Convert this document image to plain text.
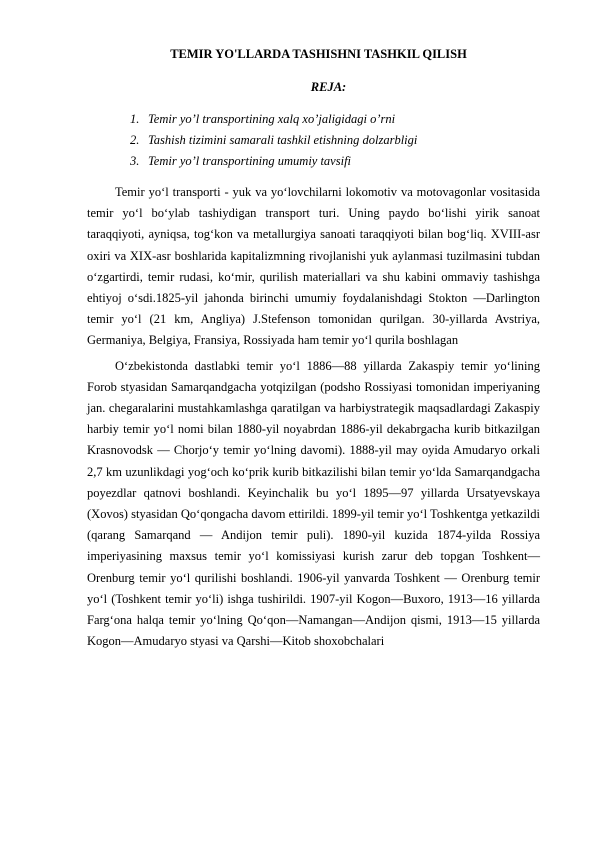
TEMIR YO'LLARDA TASHISHNI TASHKIL QILISH
REJA:
1. Temir yo’l transportining xalq xo’jaligidagi o’rni
2. Tashish tizimini samarali tashkil etishning dolzarbligi
3. Temir yo’l transportining umumiy tavsifi

Temir yo‘l transporti - yuk va yo‘lovchilarni lokomotiv va motovagonlar vositasida temir yo‘l bo‘ylab tashiydigan transport turi. Uning paydo bo‘lishi yirik sanoat taraqqiyoti, ayniqsa, tog‘kon va metallurgiya sanoati taraqqiyoti bilan bog‘liq. XVIII-asr oxiri va XIX-asr boshlarida kapitalizmning rivojlanishi yuk aylanmasi tuzilmasini tubdan o‘zgartirdi, temir rudasi, ko‘mir, qurilish materiallari va shu kabini ommaviy tashishga ehtiyoj o‘sdi.1825-yil jahonda birinchi umumiy foydalanishdagi Stokton —Darlington temir yo‘l (21 km, Angliya) J.Stefenson tomonidan qurilgan. 30-yillarda Avstriya, Germaniya, Belgiya, Fransiya, Rossiyada ham temir yo‘l qurila boshlagan

O‘zbekistonda dastlabki temir yo‘l 1886—88 yillarda Zakaspiy temir yo‘lining Forob styasidan Samarqandgacha yotqizilgan (podsho Rossiyasi tomonidan imperiyaning jan. chegaralarini mustahkamlashga qaratilgan va harbiystrategik maqsadlardagi Zakaspiy harbiy temir yo‘l nomi bilan 1880-yil noyabrdan 1886-yil dekabrgacha kurib bitkazilgan Krasnovodsk — Chorjo‘y temir yo‘lning davomi). 1888-yil may oyida Amudaryo orkali 2,7 km uzunlikdagi yog‘och ko‘prik kurib bitkazilishi bilan temir yo‘lda Samarqandgacha poyezdlar qatnovi boshlandi. Keyinchalik bu yo‘l 1895—97 yillarda Ursatyevskaya (Xovos) styasidan Qo‘qongacha davom ettirildi. 1899-yil temir yo‘l Toshkentga yetkazildi (qarang Samarqand — Andijon temir puli). 1890-yil kuzida 1874-yilda Rossiya imperiyasining maxsus temir yo‘l komissiyasi kurish zarur deb topgan Toshkent—Orenburg temir yo‘l qurilishi boshlandi. 1906-yil yanvarda Toshkent — Orenburg temir yo‘l (Toshkent temir yo‘li) ishga tushirildi. 1907-yil Kogon—Buxoro, 1913—16 yillarda Farg‘ona halqa temir yo‘lning Qo‘qon—Namangan—Andijon qismi, 1913—15 yillarda Kogon—Amudaryo styasi va Qarshi—Kitob shoxobchalari
